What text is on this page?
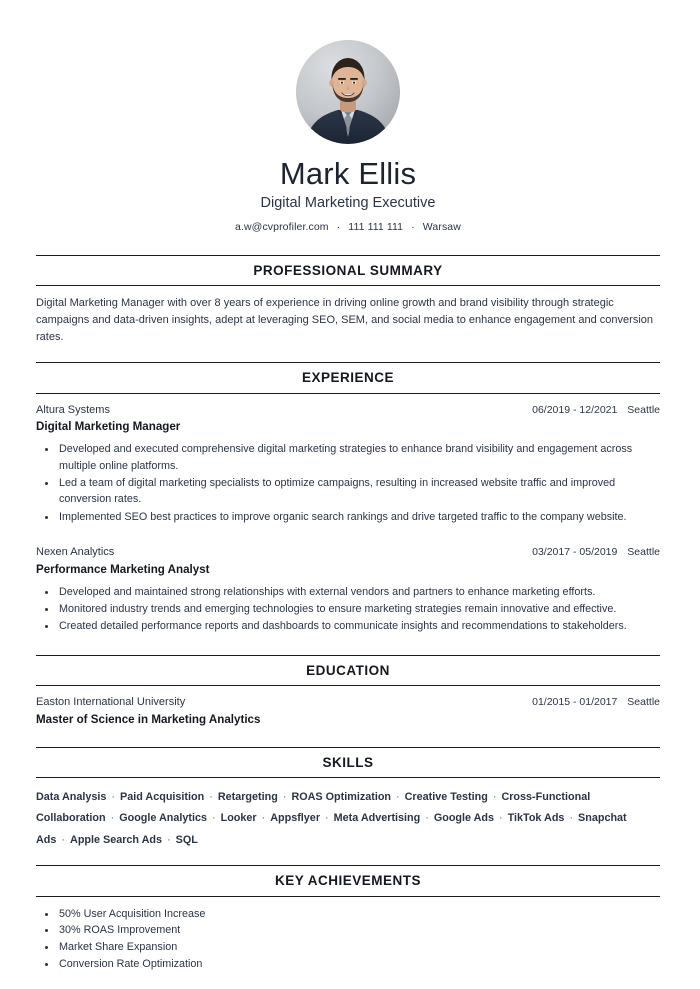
Mark Ellis
Digital Marketing Executive
a.w@cvprofiler.com · 111 111 111 · Warsaw
PROFESSIONAL SUMMARY
Digital Marketing Manager with over 8 years of experience in driving online growth and brand visibility through strategic campaigns and data-driven insights, adept at leveraging SEO, SEM, and social media to enhance engagement and conversion rates.
EXPERIENCE
Altura Systems	06/2019 - 12/2021 Seattle
Digital Marketing Manager
• Developed and executed comprehensive digital marketing strategies to enhance brand visibility and engagement across multiple online platforms.
• Led a team of digital marketing specialists to optimize campaigns, resulting in increased website traffic and improved conversion rates.
• Implemented SEO best practices to improve organic search rankings and drive targeted traffic to the company website.
Nexen Analytics	03/2017 - 05/2019 Seattle
Performance Marketing Analyst
• Developed and maintained strong relationships with external vendors and partners to enhance marketing efforts.
• Monitored industry trends and emerging technologies to ensure marketing strategies remain innovative and effective.
• Created detailed performance reports and dashboards to communicate insights and recommendations to stakeholders.
EDUCATION
Easton International University	01/2015 - 01/2017 Seattle
Master of Science in Marketing Analytics
SKILLS
Data Analysis · Paid Acquisition · Retargeting · ROAS Optimization · Creative Testing · Cross-Functional Collaboration · Google Analytics · Looker · Appsflyer · Meta Advertising · Google Ads · TikTok Ads · Snapchat Ads · Apple Search Ads · SQL
KEY ACHIEVEMENTS
• 50% User Acquisition Increase
• 30% ROAS Improvement
• Market Share Expansion
• Conversion Rate Optimization
